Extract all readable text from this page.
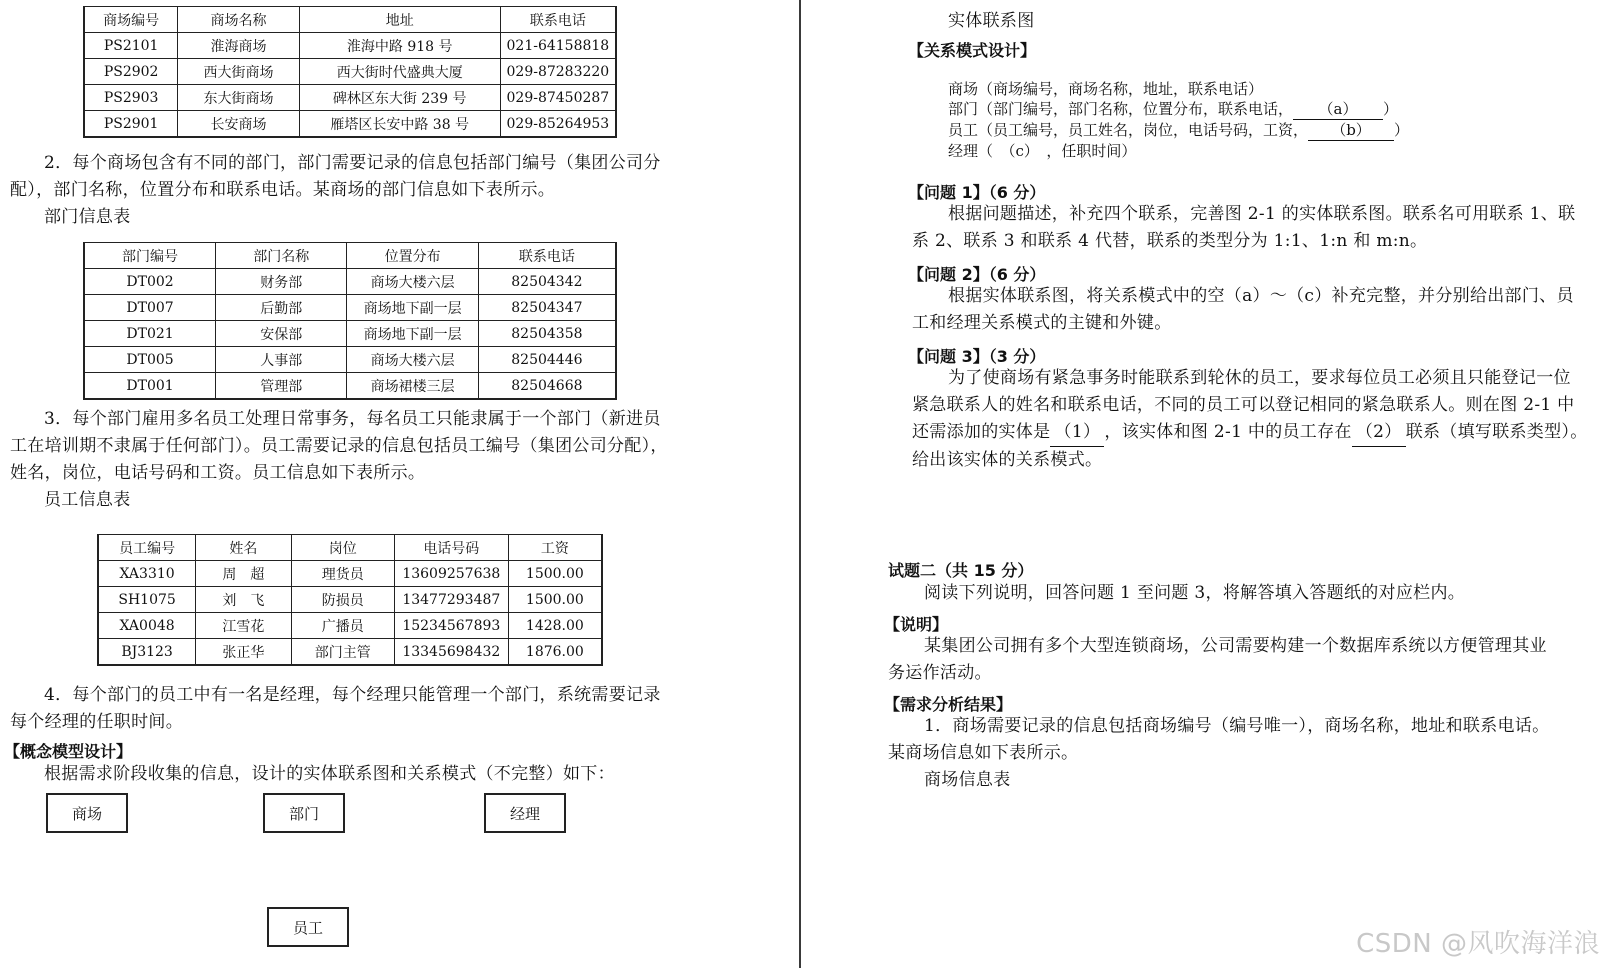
商场编号	商场名称	地址	联系电话
PS2101	淮海商场	淮海中路 918 号	021-64158818
PS2902	西大街商场	西大街时代盛典大厦	029-87283220
PS2903	东大街商场	碑林区东大街 239 号	029-87450287
PS2901	长安商场	雁塔区长安中路 38 号	029-85264953
2．每个商场包含有不同的部门，部门需要记录的信息包括部门编号（集团公司分
配），部门名称，位置分布和联系电话。某商场的部门信息如下表所示。
部门信息表
部门编号	部门名称	位置分布	联系电话
DT002	财务部	商场大楼六层	82504342
DT007	后勤部	商场地下副一层	82504347
DT021	安保部	商场地下副一层	82504358
DT005	人事部	商场大楼六层	82504446
DT001	管理部	商场裙楼三层	82504668
3．每个部门雇用多名员工处理日常事务，每名员工只能隶属于一个部门（新进员
工在培训期不隶属于任何部门）。员工需要记录的信息包括员工编号（集团公司分配），
姓名，岗位，电话号码和工资。员工信息如下表所示。
员工信息表
员工编号	姓名	岗位	电话号码	工资
XA3310	周　超	理货员	13609257638	1500.00
SH1075	刘　飞	防损员	13477293487	1500.00
XA0048	江雪花	广播员	15234567893	1428.00
BJ3123	张正华	部门主管	13345698432	1876.00
4．每个部门的员工中有一名是经理，每个经理只能管理一个部门，系统需要记录
每个经理的任职时间。
【概念模型设计】
根据需求阶段收集的信息，设计的实体联系图和关系模式（不完整）如下：
商场	部门	经理
员工
实体联系图
【关系模式设计】
商场（商场编号，商场名称，地址，联系电话）
部门（部门编号，部门名称，位置分布，联系电话， （a） ）
员工（员工编号，员工姓名，岗位，电话号码，工资， （b） ）
经理（　（c）　，任职时间）
【问题 1】（6 分）
根据问题描述，补充四个联系，完善图 2-1 的实体联系图。联系名可用联系 1、联
系 2、联系 3 和联系 4 代替，联系的类型分为 1:1、1:n 和 m:n。
【问题 2】（6 分）
根据实体联系图，将关系模式中的空（a）～（c）补充完整，并分别给出部门、员
工和经理关系模式的主键和外键。
【问题 3】（3 分）
为了使商场有紧急事务时能联系到轮休的员工，要求每位员工必须且只能登记一位
紧急联系人的姓名和联系电话，不同的员工可以登记相同的紧急联系人。则在图 2-1 中
还需添加的实体是 （1） ，该实体和图 2-1 中的员工存在 （2） 联系（填写联系类型）。
给出该实体的关系模式。
试题二（共 15 分）
阅读下列说明，回答问题 1 至问题 3，将解答填入答题纸的对应栏内。
【说明】
某集团公司拥有多个大型连锁商场，公司需要构建一个数据库系统以方便管理其业
务运作活动。
【需求分析结果】
1．商场需要记录的信息包括商场编号（编号唯一），商场名称，地址和联系电话。
某商场信息如下表所示。
商场信息表
CSDN @风吹海洋浪
